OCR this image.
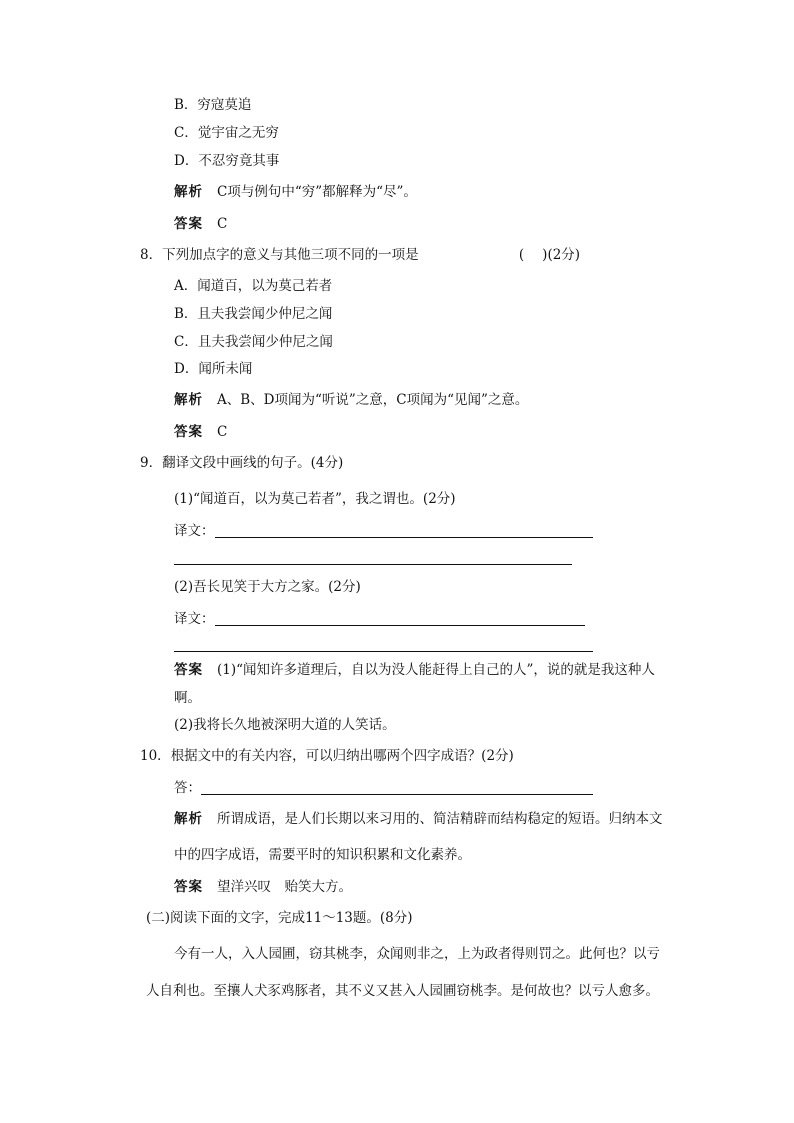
B．穷寇莫追
C．觉宇宙之无穷
D．不忍穷竟其事
解析 C项与例句中“穷”都解释为“尽”。
答案 C
8．下列加点字的意义与其他三项不同的一项是	( )(2分)
A．闻道百，以为莫己若者
B．且夫我尝闻少仲尼之闻
C．且夫我尝闻少仲尼之闻
D．闻所未闻
解析 A、B、D项闻为“听说”之意，C项闻为“见闻”之意。
答案 C
9．翻译文段中画线的句子。(4分)
(1)“闻道百，以为莫己若者”，我之谓也。(2分)
译文：
(2)吾长见笑于大方之家。(2分)
译文：
答案 (1)“闻知许多道理后，自以为没人能赶得上自己的人”，说的就是我这种人
啊。
(2)我将长久地被深明大道的人笑话。
10．根据文中的有关内容，可以归纳出哪两个四字成语？(2分)
答：
解析 所谓成语，是人们长期以来习用的、简洁精辟而结构稳定的短语。归纳本文
中的四字成语，需要平时的知识积累和文化素养。
答案 望洋兴叹　贻笑大方。
(二)阅读下面的文字，完成11～13题。(8分)
今有一人，入人园圃，窃其桃李，众闻则非之，上为政者得则罚之。此何也？以亏
人自利也。至攘人犬豕鸡豚者，其不义又甚入人园圃窃桃李。是何故也？以亏人愈多。
